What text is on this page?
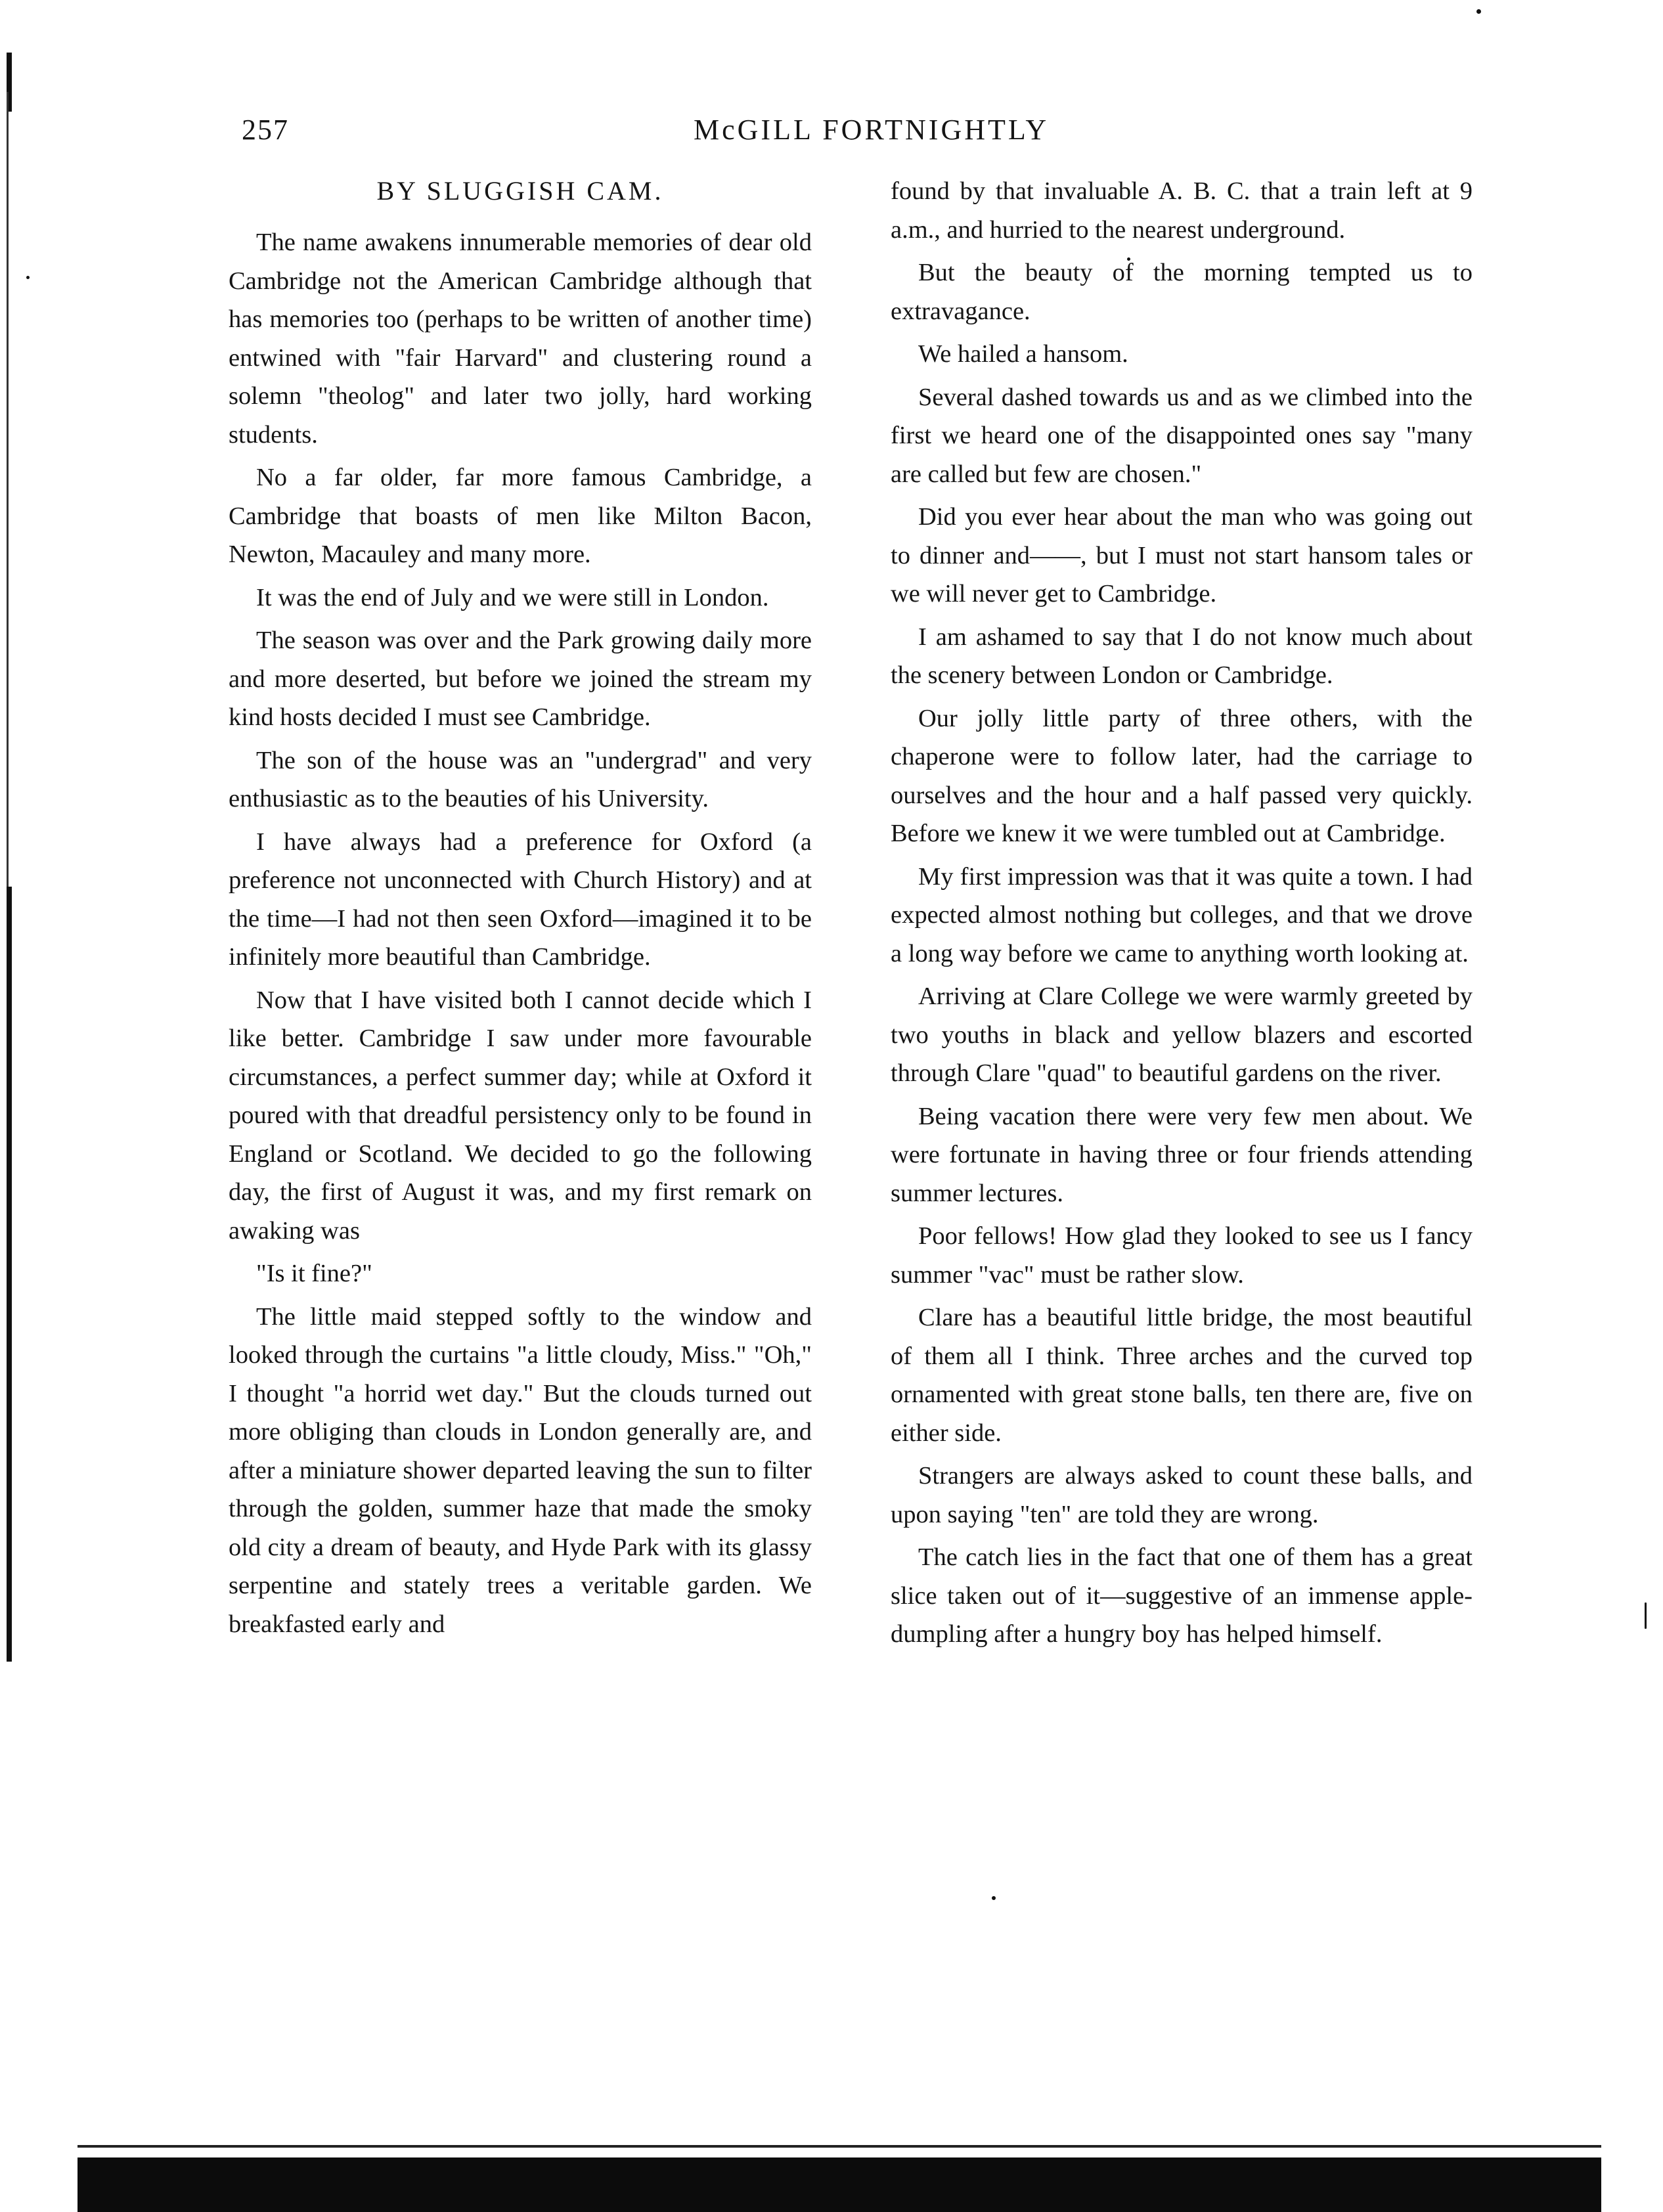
257	McGILL FORTNIGHTLY
BY SLUGGISH CAM.

The name awakens innumerable memories of dear old Cambridge not the American Cambridge although that has memories too (perhaps to be written of another time) entwined with "fair Harvard" and clustering round a solemn "theolog" and later two jolly, hard working students.

No a far older, far more famous Cambridge, a Cambridge that boasts of men like Milton Bacon, Newton, Macauley and many more.

It was the end of July and we were still in London.

The season was over and the Park growing daily more and more deserted, but before we joined the stream my kind hosts decided I must see Cambridge.

The son of the house was an "undergrad" and very enthusiastic as to the beauties of his University.

I have always had a preference for Oxford (a preference not unconnected with Church History) and at the time—I had not then seen Oxford—imagined it to be infinitely more beautiful than Cambridge.

Now that I have visited both I cannot decide which I like better. Cambridge I saw under more favourable circumstances, a perfect summer day; while at Oxford it poured with that dreadful persistency only to be found in England or Scotland. We decided to go the following day, the first of August it was, and my first remark on awaking was

"Is it fine?"

The little maid stepped softly to the window and looked through the curtains "a little cloudy, Miss." "Oh," I thought "a horrid wet day." But the clouds turned out more obliging than clouds in London generally are, and after a miniature shower departed leaving the sun to filter through the golden, summer haze that made the smoky old city a dream of beauty, and Hyde Park with its glassy serpentine and stately trees a veritable garden. We breakfasted early and

found by that invaluable A. B. C. that a train left at 9 a.m., and hurried to the nearest underground.

But the beauty of the morning tempted us to extravagance.

We hailed a hansom.

Several dashed towards us and as we climbed into the first we heard one of the disappointed ones say "many are called but few are chosen."

Did you ever hear about the man who was going out to dinner and——, but I must not start hansom tales or we will never get to Cambridge.

I am ashamed to say that I do not know much about the scenery between London or Cambridge.

Our jolly little party of three others, with the chaperone were to follow later, had the carriage to ourselves and the hour and a half passed very quickly. Before we knew it we were tumbled out at Cambridge.

My first impression was that it was quite a town. I had expected almost nothing but colleges, and that we drove a long way before we came to anything worth looking at.

Arriving at Clare College we were warmly greeted by two youths in black and yellow blazers and escorted through Clare "quad" to beautiful gardens on the river.

Being vacation there were very few men about. We were fortunate in having three or four friends attending summer lectures.

Poor fellows! How glad they looked to see us I fancy summer "vac" must be rather slow.

Clare has a beautiful little bridge, the most beautiful of them all I think. Three arches and the curved top ornamented with great stone balls, ten there are, five on either side.

Strangers are always asked to count these balls, and upon saying "ten" are told they are wrong.

The catch lies in the fact that one of them has a great slice taken out of it—suggestive of an immense apple-dumpling after a hungry boy has helped himself.
